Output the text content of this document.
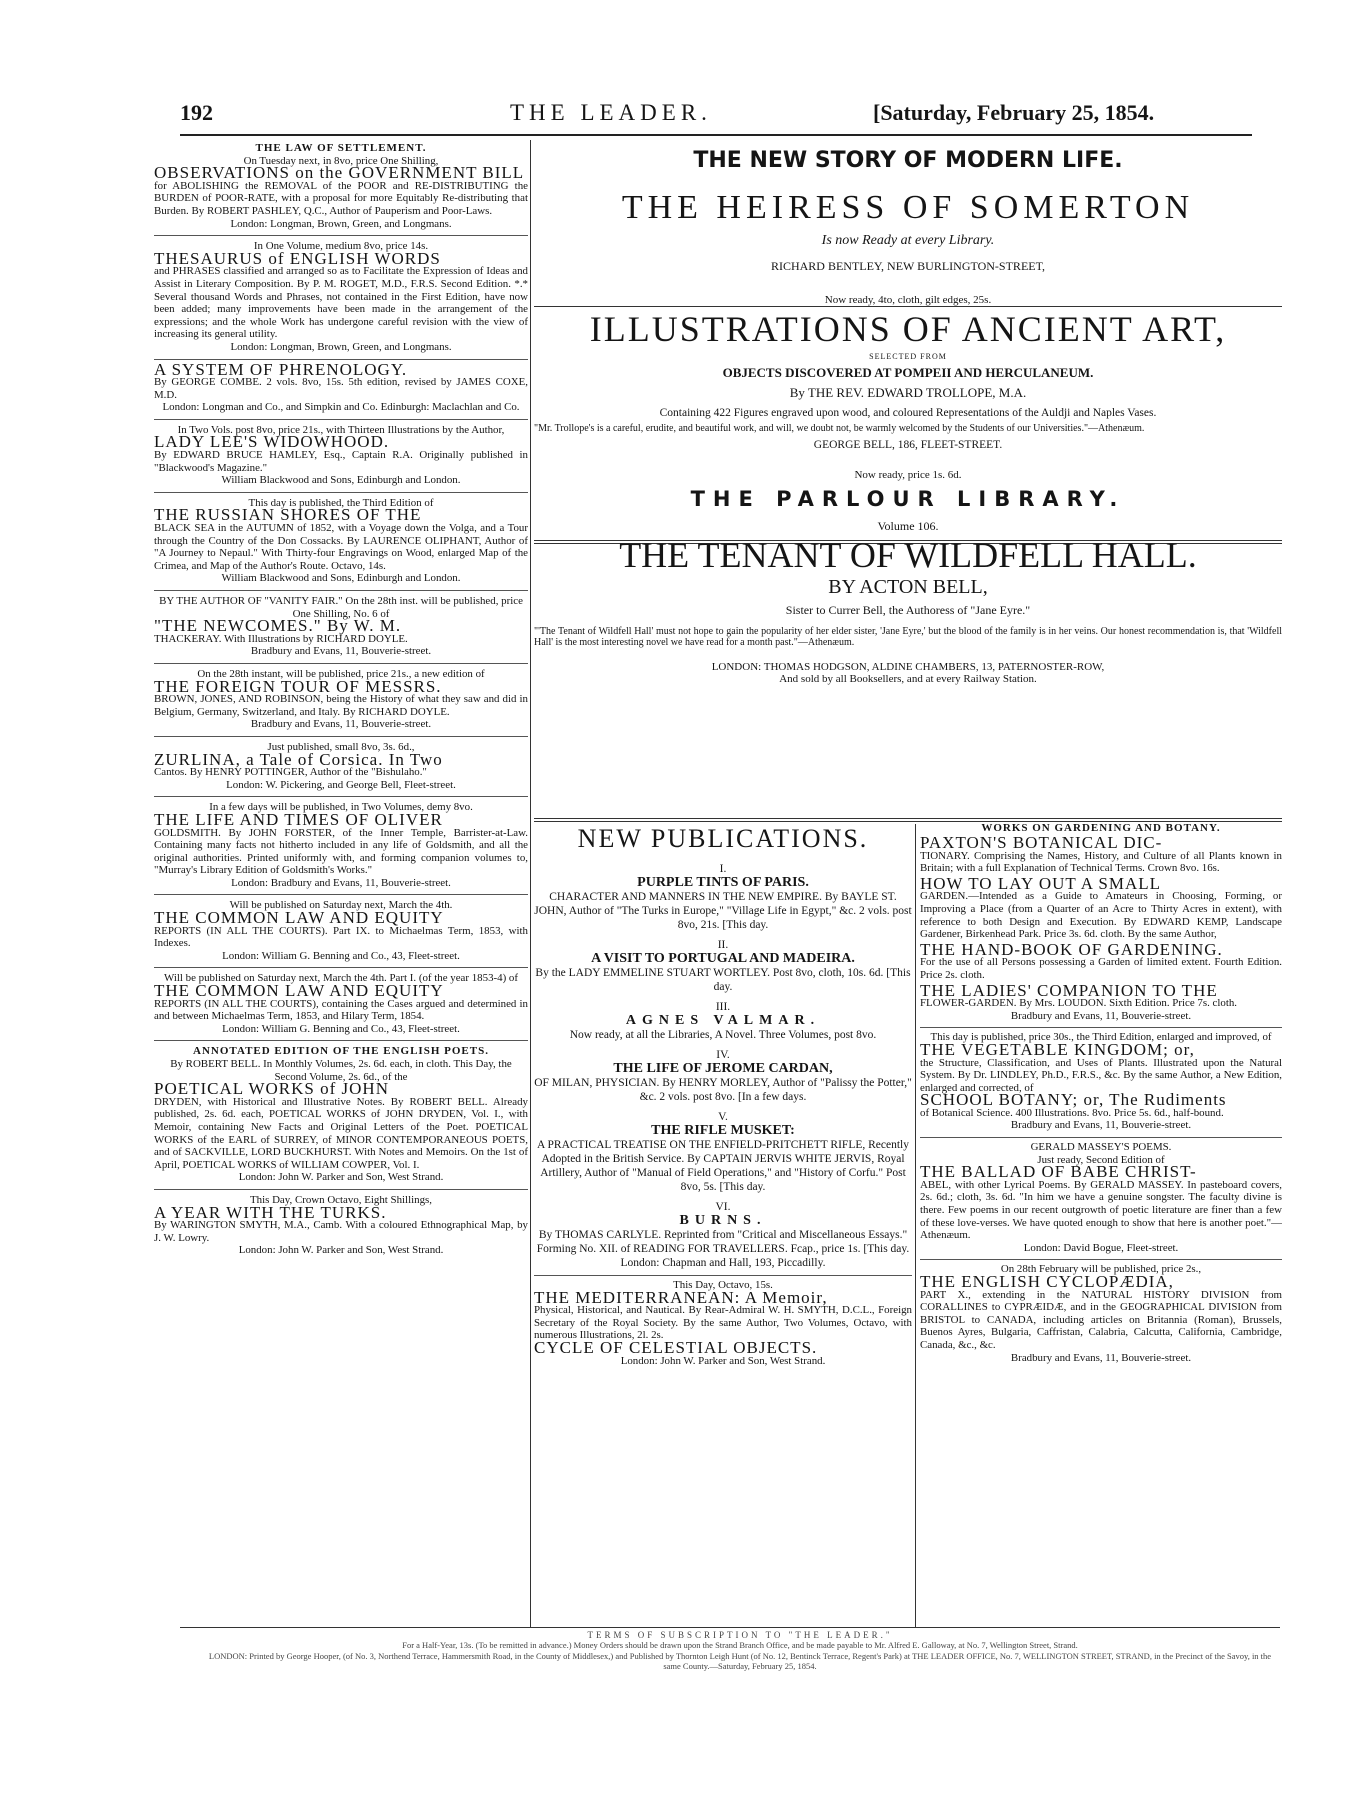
192	THE LEADER.	[Saturday, February 25, 1854.
THE LAW OF SETTLEMENT.
On Tuesday next, in 8vo, price One Shilling,
OBSERVATIONS on the GOVERNMENT BILL
for ABOLISHING the REMOVAL of the POOR and RE-DISTRIBUTING the BURDEN of POOR-RATE, with a proposal for more Equitably Re-distributing that Burden. By ROBERT PASHLEY, Q.C., Author of Pauperism and Poor-Laws.
London: Longman, Brown, Green, and Longmans.
In One Volume, medium 8vo, price 14s.
THESAURUS of ENGLISH WORDS
and PHRASES classified and arranged so as to Facilitate the Expression of Ideas and Assist in Literary Composition. By P. M. ROGET, M.D., F.R.S. Second Edition. *.* Several thousand Words and Phrases, not contained in the First Edition, have now been added; many improvements have been made in the arrangement of the expressions; and the whole Work has undergone careful revision with the view of increasing its general utility.
London: Longman, Brown, Green, and Longmans.
A SYSTEM OF PHRENOLOGY.
By GEORGE COMBE. 2 vols. 8vo, 15s. 5th edition, revised by JAMES COXE, M.D.
London: Longman and Co., and Simpkin and Co. Edinburgh: Maclachlan and Co.
In Two Vols. post 8vo, price 21s., with Thirteen Illustrations by the Author,
LADY LEE'S WIDOWHOOD.
By EDWARD BRUCE HAMLEY, Esq., Captain R.A. Originally published in "Blackwood's Magazine."
William Blackwood and Sons, Edinburgh and London.
This day is published, the Third Edition of
THE RUSSIAN SHORES OF THE
BLACK SEA in the AUTUMN of 1852, with a Voyage down the Volga, and a Tour through the Country of the Don Cossacks. By LAURENCE OLIPHANT, Author of "A Journey to Nepaul." With Thirty-four Engravings on Wood, enlarged Map of the Crimea, and Map of the Author's Route. Octavo, 14s.
William Blackwood and Sons, Edinburgh and London.
BY THE AUTHOR OF "VANITY FAIR." On the 28th inst. will be published, price One Shilling, No. 6 of
"THE NEWCOMES." By W. M.
THACKERAY. With Illustrations by RICHARD DOYLE.
Bradbury and Evans, 11, Bouverie-street.
On the 28th instant, will be published, price 21s., a new edition of
THE FOREIGN TOUR OF MESSRS.
BROWN, JONES, AND ROBINSON, being the History of what they saw and did in Belgium, Germany, Switzerland, and Italy. By RICHARD DOYLE.
Bradbury and Evans, 11, Bouverie-street.
Just published, small 8vo, 3s. 6d.,
ZURLINA, a Tale of Corsica. In Two
Cantos. By HENRY POTTINGER, Author of the "Bishulaho."
London: W. Pickering, and George Bell, Fleet-street.
In a few days will be published, in Two Volumes, demy 8vo.
THE LIFE AND TIMES OF OLIVER
GOLDSMITH. By JOHN FORSTER, of the Inner Temple, Barrister-at-Law. Containing many facts not hitherto included in any life of Goldsmith, and all the original authorities. Printed uniformly with, and forming companion volumes to, "Murray's Library Edition of Goldsmith's Works."
London: Bradbury and Evans, 11, Bouverie-street.
Will be published on Saturday next, March the 4th.
THE COMMON LAW AND EQUITY
REPORTS (IN ALL THE COURTS). Part IX. to Michaelmas Term, 1853, with Indexes.
London: William G. Benning and Co., 43, Fleet-street.
Will be published on Saturday next, March the 4th. Part I. (of the year 1853-4) of
THE COMMON LAW AND EQUITY
REPORTS (IN ALL THE COURTS), containing the Cases argued and determined in and between Michaelmas Term, 1853, and Hilary Term, 1854.
London: William G. Benning and Co., 43, Fleet-street.
ANNOTATED EDITION OF THE ENGLISH POETS.
By ROBERT BELL. In Monthly Volumes, 2s. 6d. each, in cloth. This Day, the Second Volume, 2s. 6d., of the
POETICAL WORKS of JOHN
DRYDEN, with Historical and Illustrative Notes. By ROBERT BELL. Already published, 2s. 6d. each, POETICAL WORKS of JOHN DRYDEN, Vol. I., with Memoir, containing New Facts and Original Letters of the Poet. POETICAL WORKS of the EARL of SURREY, of MINOR CONTEMPORANEOUS POETS, and of SACKVILLE, LORD BUCKHURST. With Notes and Memoirs. On the 1st of April, POETICAL WORKS of WILLIAM COWPER, Vol. I.
London: John W. Parker and Son, West Strand.
This Day, Crown Octavo, Eight Shillings,
A YEAR WITH THE TURKS.
By WARINGTON SMYTH, M.A., Camb. With a coloured Ethnographical Map, by J. W. Lowry.
London: John W. Parker and Son, West Strand.
THE NEW STORY OF MODERN LIFE.
THE HEIRESS OF SOMERTON
Is now Ready at every Library.
RICHARD BENTLEY, NEW BURLINGTON-STREET,
Now ready, 4to, cloth, gilt edges, 25s.
ILLUSTRATIONS OF ANCIENT ART,
SELECTED FROM
OBJECTS DISCOVERED AT POMPEII AND HERCULANEUM.
By THE REV. EDWARD TROLLOPE, M.A.
Containing 422 Figures engraved upon wood, and coloured Representations of the Auldji and Naples Vases.
"Mr. Trollope's is a careful, erudite, and beautiful work, and will, we doubt not, be warmly welcomed by the Students of our Universities."—Athenæum.
GEORGE BELL, 186, FLEET-STREET.
Now ready, price 1s. 6d.
THE PARLOUR LIBRARY.
Volume 106.
THE TENANT OF WILDFELL HALL.
BY ACTON BELL,
Sister to Currer Bell, the Authoress of "Jane Eyre."
"'The Tenant of Wildfell Hall' must not hope to gain the popularity of her elder sister, 'Jane Eyre,' but the blood of the family is in her veins. Our honest recommendation is, that 'Wildfell Hall' is the most interesting novel we have read for a month past."—Athenæum.
LONDON: THOMAS HODGSON, ALDINE CHAMBERS, 13, PATERNOSTER-ROW,
And sold by all Booksellers, and at every Railway Station.
NEW PUBLICATIONS.
I.
PURPLE TINTS OF PARIS.
CHARACTER AND MANNERS IN THE NEW EMPIRE. By BAYLE ST. JOHN, Author of "The Turks in Europe," "Village Life in Egypt," &c. 2 vols. post 8vo, 21s. [This day.
II.
A VISIT TO PORTUGAL AND MADEIRA.
By the LADY EMMELINE STUART WORTLEY. Post 8vo, cloth, 10s. 6d. [This day.
III.
AGNES VALMAR.
Now ready, at all the Libraries, A Novel. Three Volumes, post 8vo.
IV.
THE LIFE OF JEROME CARDAN,
OF MILAN, PHYSICIAN. By HENRY MORLEY, Author of "Palissy the Potter," &c. 2 vols. post 8vo. [In a few days.
V.
THE RIFLE MUSKET:
A PRACTICAL TREATISE ON THE ENFIELD-PRITCHETT RIFLE, Recently Adopted in the British Service. By CAPTAIN JERVIS WHITE JERVIS, Royal Artillery, Author of "Manual of Field Operations," and "History of Corfu." Post 8vo, 5s. [This day.
VI.
BURNS.
By THOMAS CARLYLE. Reprinted from "Critical and Miscellaneous Essays." Forming No. XII. of READING FOR TRAVELLERS. Fcap., price 1s. [This day.
London: Chapman and Hall, 193, Piccadilly.
This Day, Octavo, 15s.
THE MEDITERRANEAN: A Memoir,
Physical, Historical, and Nautical. By Rear-Admiral W. H. SMYTH, D.C.L., Foreign Secretary of the Royal Society. By the same Author, Two Volumes, Octavo, with numerous Illustrations, 2l. 2s.
CYCLE OF CELESTIAL OBJECTS.
London: John W. Parker and Son, West Strand.
WORKS ON GARDENING AND BOTANY.
PAXTON'S BOTANICAL DIC-
TIONARY. Comprising the Names, History, and Culture of all Plants known in Britain; with a full Explanation of Technical Terms. Crown 8vo. 16s.
HOW TO LAY OUT A SMALL
GARDEN.—Intended as a Guide to Amateurs in Choosing, Forming, or Improving a Place (from a Quarter of an Acre to Thirty Acres in extent), with reference to both Design and Execution. By EDWARD KEMP, Landscape Gardener, Birkenhead Park. Price 3s. 6d. cloth. By the same Author,
THE HAND-BOOK OF GARDENING.
For the use of all Persons possessing a Garden of limited extent. Fourth Edition. Price 2s. cloth.
THE LADIES' COMPANION TO THE
FLOWER-GARDEN. By Mrs. LOUDON. Sixth Edition. Price 7s. cloth.
Bradbury and Evans, 11, Bouverie-street.
This day is published, price 30s., the Third Edition, enlarged and improved, of
THE VEGETABLE KINGDOM; or,
the Structure, Classification, and Uses of Plants. Illustrated upon the Natural System. By Dr. LINDLEY, Ph.D., F.R.S., &c. By the same Author, a New Edition, enlarged and corrected, of
SCHOOL BOTANY; or, The Rudiments
of Botanical Science. 400 Illustrations. 8vo. Price 5s. 6d., half-bound.
Bradbury and Evans, 11, Bouverie-street.
GERALD MASSEY'S POEMS.
Just ready, Second Edition of
THE BALLAD OF BABE CHRIST-
ABEL, with other Lyrical Poems. By GERALD MASSEY. In pasteboard covers, 2s. 6d.; cloth, 3s. 6d. "In him we have a genuine songster. The faculty divine is there. Few poems in our recent outgrowth of poetic literature are finer than a few of these love-verses. We have quoted enough to show that here is another poet."—Athenæum.
London: David Bogue, Fleet-street.
On 28th February will be published, price 2s.,
THE ENGLISH CYCLOPÆDIA,
PART X., extending in the NATURAL HISTORY DIVISION from CORALLINES to CYPRÆIDÆ, and in the GEOGRAPHICAL DIVISION from BRISTOL to CANADA, including articles on Britannia (Roman), Brussels, Buenos Ayres, Bulgaria, Caffristan, Calabria, Calcutta, California, Cambridge, Canada, &c., &c.
Bradbury and Evans, 11, Bouverie-street.
TERMS OF SUBSCRIPTION TO "THE LEADER."
For a Half-Year, 13s. (To be remitted in advance.) Money Orders should be drawn upon the Strand Branch Office, and be made payable to Mr. Alfred E. Galloway, at No. 7, Wellington Street, Strand.
LONDON: Printed by George Hooper, (of No. 3, Northend Terrace, Hammersmith Road, in the County of Middlesex,) and Published by Thornton Leigh Hunt (of No. 12, Bentinck Terrace, Regent's Park) at THE LEADER OFFICE, No. 7, WELLINGTON STREET, STRAND, in the Precinct of the Savoy, in the same County.—Saturday, February 25, 1854.
